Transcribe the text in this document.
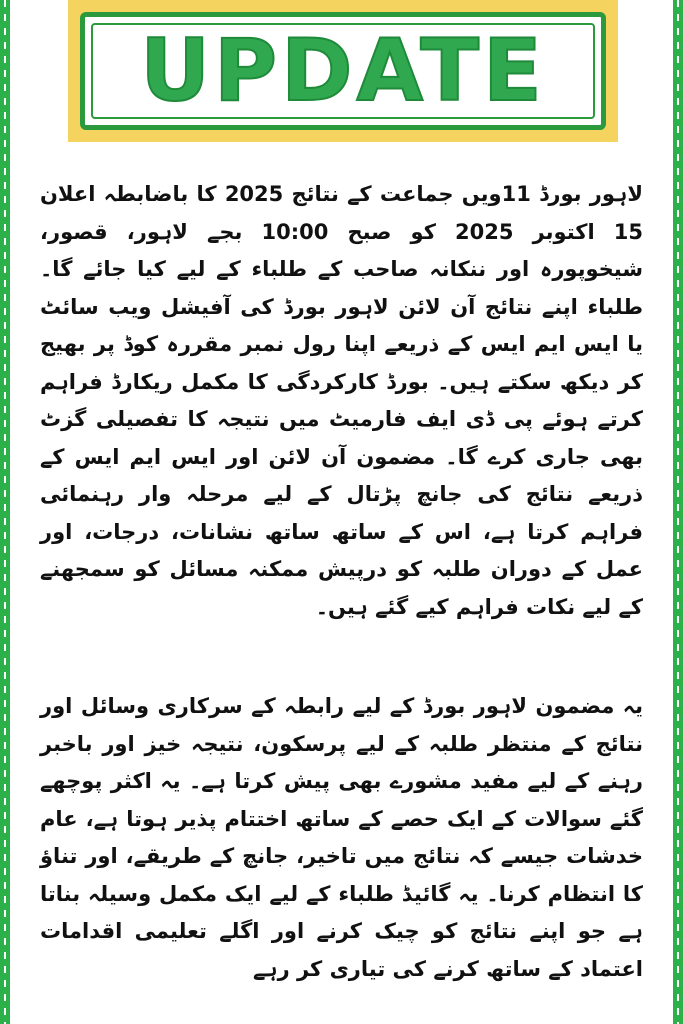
UPDATE

لاہور بورڈ 11ویں جماعت کے نتائج 2025 کا باضابطہ اعلان 15 اکتوبر 2025 کو صبح 10:00 بجے لاہور، قصور، شیخوپورہ اور ننکانہ صاحب کے طلباء کے لیے کیا جائے گا۔ طلباء اپنے نتائج آن لائن لاہور بورڈ کی آفیشل ویب سائٹ یا ایس ایم ایس کے ذریعے اپنا رول نمبر مقررہ کوڈ پر بھیج کر دیکھ سکتے ہیں۔ بورڈ کارکردگی کا مکمل ریکارڈ فراہم کرتے ہوئے پی ڈی ایف فارمیٹ میں نتیجہ کا تفصیلی گزٹ بھی جاری کرے گا۔ مضمون آن لائن اور ایس ایم ایس کے ذریعے نتائج کی جانچ پڑتال کے لیے مرحلہ وار رہنمائی فراہم کرتا ہے، اس کے ساتھ ساتھ نشانات، درجات، اور عمل کے دوران طلبہ کو درپیش ممکنہ مسائل کو سمجھنے کے لیے نکات فراہم کیے گئے ہیں۔

یہ مضمون لاہور بورڈ کے لیے رابطہ کے سرکاری وسائل اور نتائج کے منتظر طلبہ کے لیے پرسکون، نتیجہ خیز اور باخبر رہنے کے لیے مفید مشورے بھی پیش کرتا ہے۔ یہ اکثر پوچھے گئے سوالات کے ایک حصے کے ساتھ اختتام پذیر ہوتا ہے، عام خدشات جیسے کہ نتائج میں تاخیر، جانچ کے طریقے، اور تناؤ کا انتظام کرنا۔ یہ گائیڈ طلباء کے لیے ایک مکمل وسیلہ بناتا ہے جو اپنے نتائج کو چیک کرنے اور اگلے تعلیمی اقدامات اعتماد کے ساتھ کرنے کی تیاری کر رہے
